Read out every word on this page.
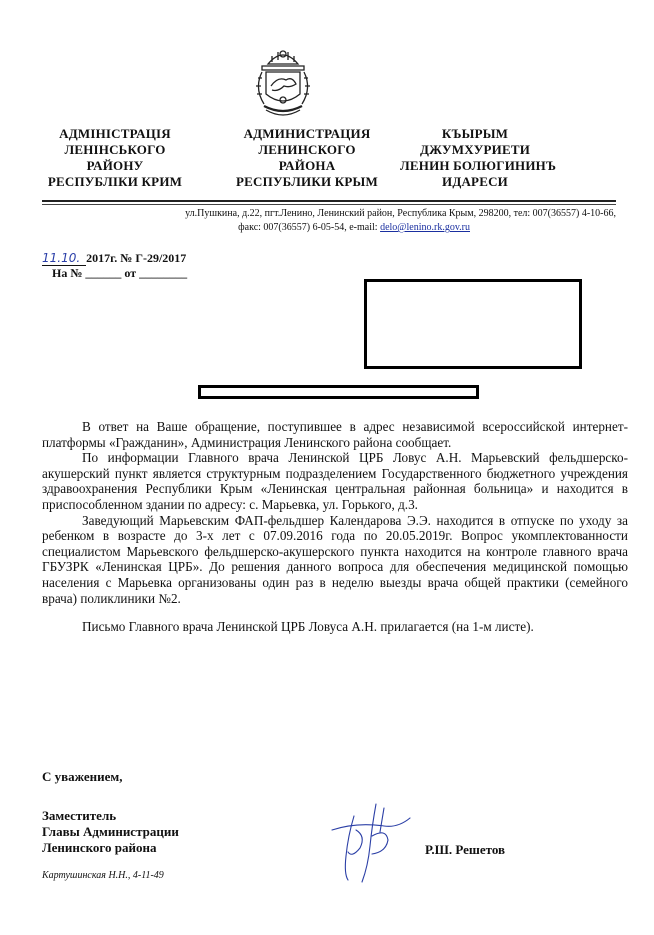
АДМІНІСТРАЦІЯ
ЛЕНІНСЬКОГО
РАЙОНУ
РЕСПУБЛІКИ КРИМ
АДМИНИСТРАЦИЯ
ЛЕНИНСКОГО
РАЙОНА
РЕСПУБЛИКИ КРЫМ
КЪЫРЫМ
ДЖУМХУРИЕТИ
ЛЕНИН БОЛЮГИНИНЪ
ИДАРЕСИ
ул.Пушкина, д.22, пгт.Ленино, Ленинский район, Республика Крым, 298200, тел: 007(36557) 4-10-66,
факс: 007(36557) 6-05-54, e-mail: delo@lenino.rk.gov.ru
11.10. 2017г. № Г-29/2017
На № ______ от ________

В ответ на Ваше обращение, поступившее в адрес независимой всероссийской интернет- платформы «Гражданин», Администрация Ленинского района сообщает.

По информации Главного врача Ленинской ЦРБ Ловус А.Н. Марьевский фельдшерско-акушерский пункт является структурным подразделением Государственного бюджетного учреждения здравоохранения Республики Крым «Ленинская центральная районная больница» и находится в приспособленном здании по адресу: с. Марьевка, ул. Горького, д.3.

Заведующий Марьевским ФАП-фельдшер Календарова Э.Э. находится в отпуске по уходу за ребенком в возрасте до 3-х лет с 07.09.2016 года по 20.05.2019г. Вопрос укомплектованности специалистом Марьевского фельдшерско-акушерского пункта находится на контроле главного врача ГБУЗРК «Ленинская ЦРБ». До решения данного вопроса для обеспечения медицинской помощью населения с Марьевка организованы один раз в неделю выезды врача общей практики (семейного врача) поликлиники №2.

Письмо Главного врача Ленинской ЦРБ Ловуса А.Н. прилагается (на 1-м листе).

С уважением,
Заместитель
Главы Администрации
Ленинского района	Р.Ш. Решетов
Картушинская Н.Н., 4-11-49
